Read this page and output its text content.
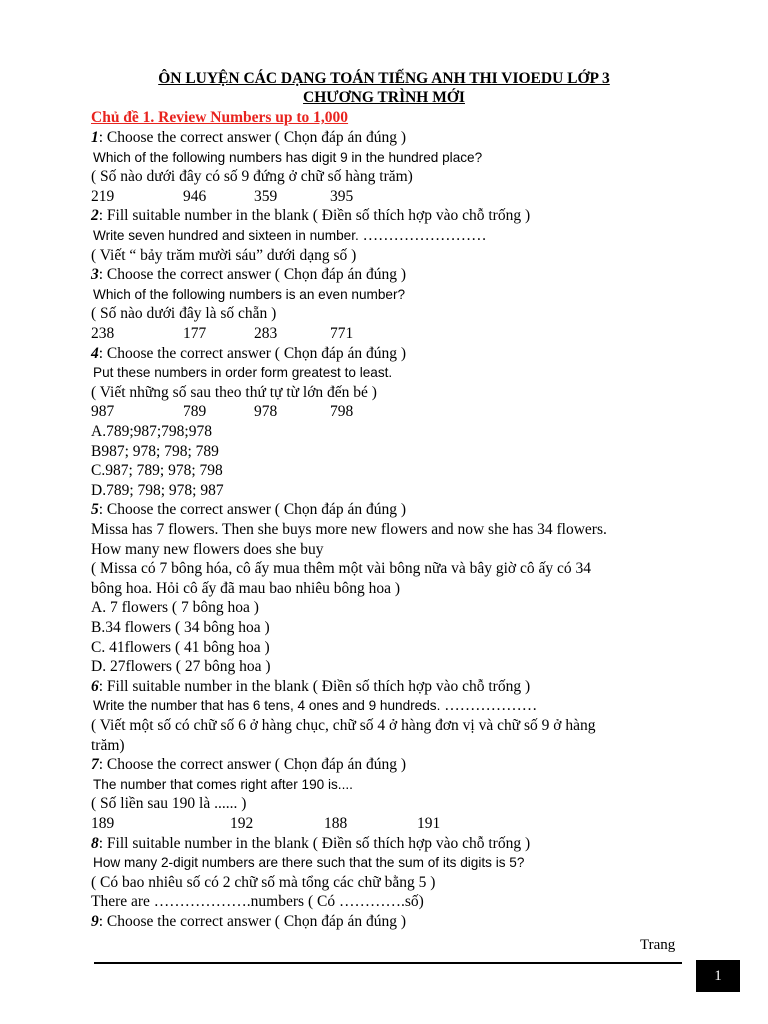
ÔN LUYỆN CÁC DẠNG TOÁN TIẾNG ANH THI VIOEDU LỚP 3
CHƯƠNG TRÌNH MỚI
Chủ đề 1. Review Numbers up to 1,000
1: Choose the correct answer ( Chọn đáp án đúng )
Which of the following numbers has digit 9 in the hundred place?
( Số nào dưới đây có số 9 đứng ở chữ số hàng trăm)
219	946	359	395
2: Fill suitable number in the blank ( Điền số thích hợp vào chỗ trống )
Write seven hundred and sixteen in number. ……………………
( Viết “ bảy trăm mười sáu” dưới dạng số )
3: Choose the correct answer ( Chọn đáp án đúng )
Which of the following numbers is an even number?
( Số nào dưới đây là số chẵn )
238	177	283	771
4: Choose the correct answer ( Chọn đáp án đúng )
Put these numbers in order form greatest to least.
( Viết những số sau theo thứ tự từ lớn đến bé )
987	789	978	798
A.789;987;798;978
B987; 978; 798; 789
C.987; 789; 978; 798
D.789; 798; 978; 987
5: Choose the correct answer ( Chọn đáp án đúng )
Missa has 7 flowers. Then she buys more new flowers and now she has 34 flowers.
How many new flowers does she buy
( Missa có 7 bông hóa, cô ấy mua thêm một vài bông nữa và bây giờ cô ấy có 34
bông hoa. Hỏi cô ấy đã mau bao nhiêu bông hoa )
A. 7 flowers ( 7 bông hoa )
B.34 flowers ( 34 bông hoa )
C. 41flowers ( 41 bông hoa )
D. 27flowers ( 27 bông hoa )
6: Fill suitable number in the blank ( Điền số thích hợp vào chỗ trống )
Write the number that has 6 tens, 4 ones and 9 hundreds. ………………
( Viết một số có chữ số 6 ở hàng chục, chữ số 4 ở hàng đơn vị và chữ số 9 ở hàng
trăm)
7: Choose the correct answer ( Chọn đáp án đúng )
The number that comes right after 190 is....
( Số liền sau 190 là ...... )
189	192	188	191
8: Fill suitable number in the blank ( Điền số thích hợp vào chỗ trống )
How many 2-digit numbers are there such that the sum of its digits is 5?
( Có bao nhiêu số có 2 chữ số mà tổng các chữ bằng 5 )
There are ……………….numbers ( Có ………….số)
9: Choose the correct answer ( Chọn đáp án đúng )
Trang
1
